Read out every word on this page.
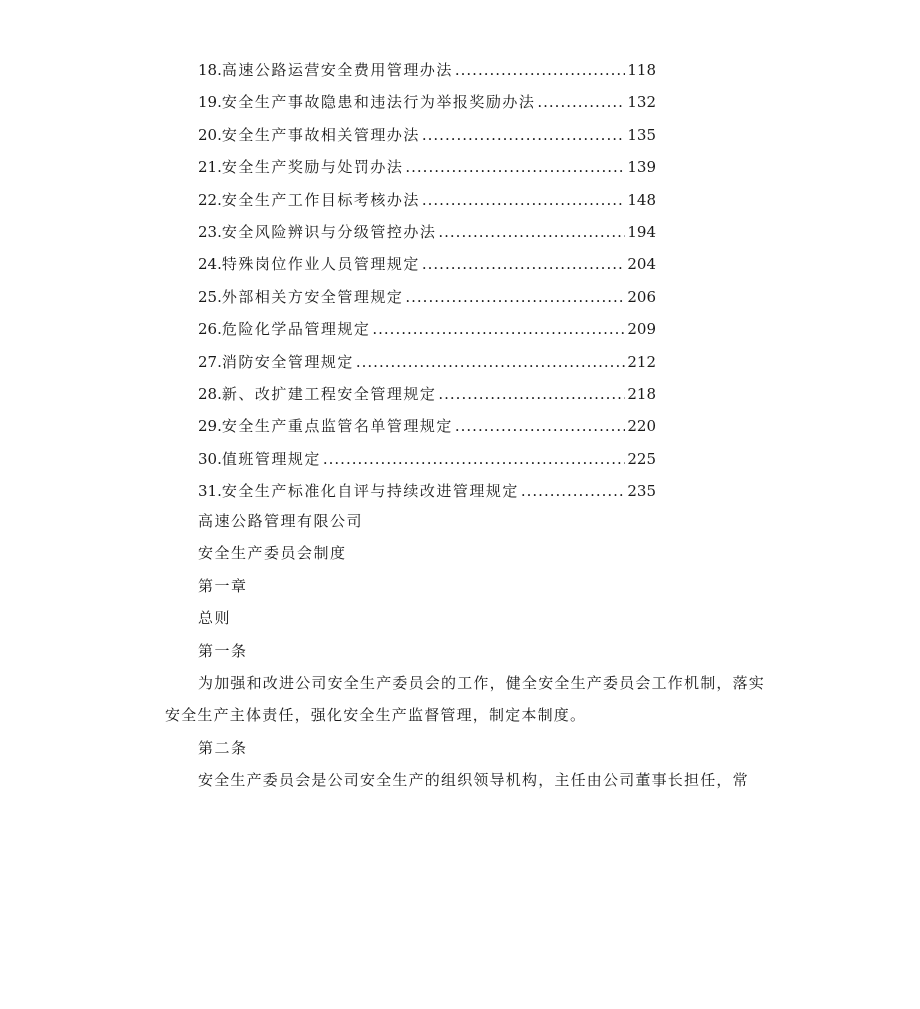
18. 高速公路运营安全费用管理办法 .....	118
19. 安全生产事故隐患和违法行为举报奖励办法 .....	132
20. 安全生产事故相关管理办法 .....	135
21. 安全生产奖励与处罚办法 .....	139
22. 安全生产工作目标考核办法 .....	148
23. 安全风险辨识与分级管控办法 .....	194
24. 特殊岗位作业人员管理规定 .....	204
25. 外部相关方安全管理规定 .....	206
26. 危险化学品管理规定 .....	209
27. 消防安全管理规定 .....	212
28. 新、改扩建工程安全管理规定 .....	218
29. 安全生产重点监管名单管理规定 .....	220
30. 值班管理规定 .....	225
31. 安全生产标准化自评与持续改进管理规定 .....	235
高速公路管理有限公司
安全生产委员会制度
第一章
总则
第一条

为加强和改进公司安全生产委员会的工作，健全安全生产委员会工作机制，落实安全生产主体责任，强化安全生产监督管理，制定本制度。

第二条

安全生产委员会是公司安全生产的组织领导机构，主任由公司董事长担任，常
